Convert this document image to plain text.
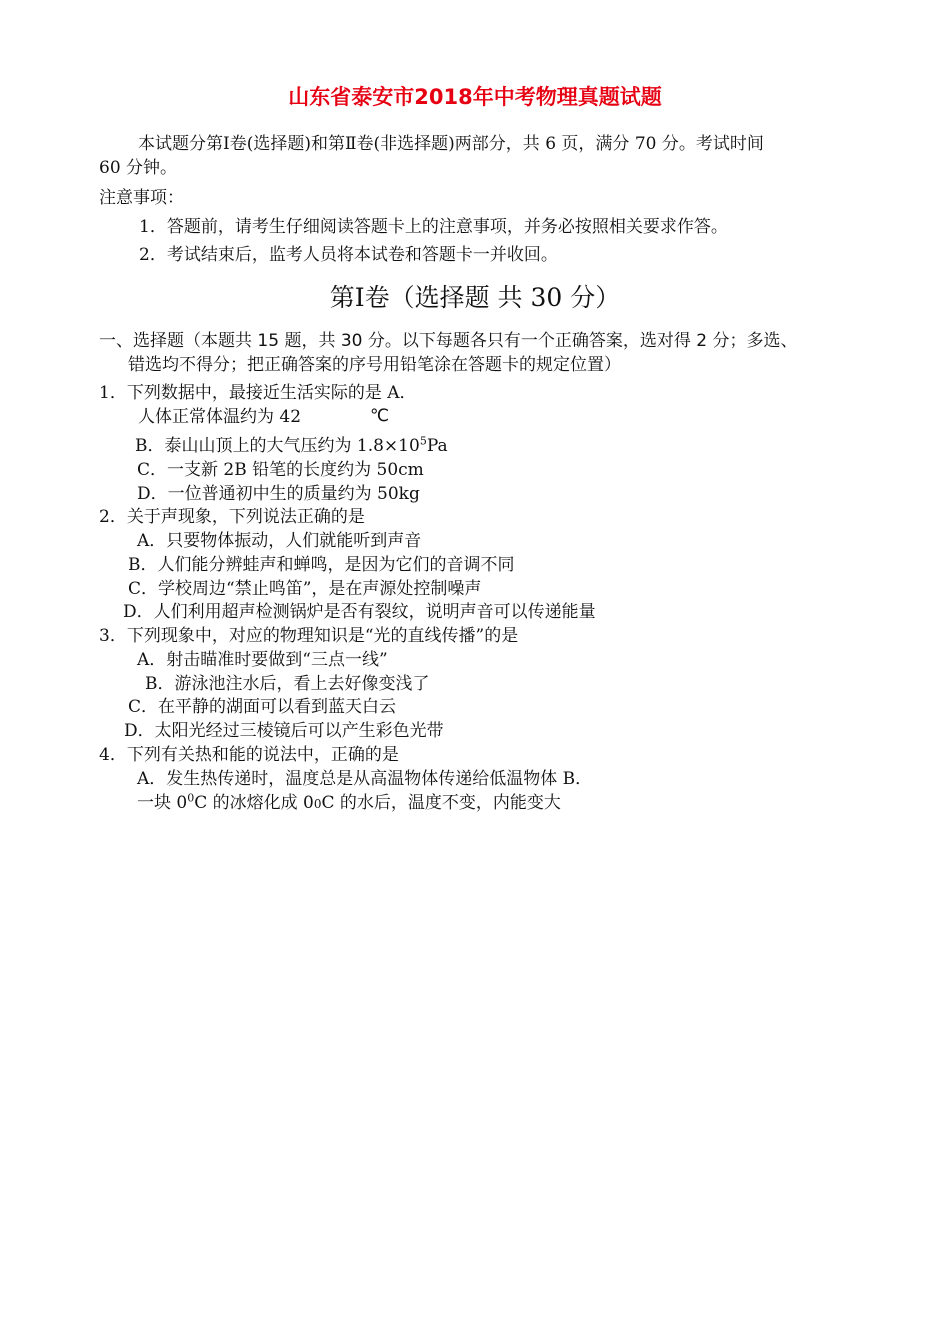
山东省泰安市2018年中考物理真题试题
本试题分第Ⅰ卷(选择题)和第Ⅱ卷(非选择题)两部分，共 6 页，满分 70 分。考试时间
60 分钟。
注意事项：
1．答题前，请考生仔细阅读答题卡上的注意事项，并务必按照相关要求作答。
2．考试结束后，监考人员将本试卷和答题卡一并收回。
第Ⅰ卷（选择题 共 30 分）
一、选择题（本题共 15 题，共 30 分。以下每题各只有一个正确答案，选对得 2 分；多选、
错选均不得分；把正确答案的序号用铅笔涂在答题卡的规定位置）
1．下列数据中，最接近生活实际的是 A．
人体正常体温约为 42	℃
B．泰山山顶上的大气压约为 $1.8\times 10^5Pa$
C．一支新 2B 铅笔的长度约为 50cm
D．一位普通初中生的质量约为 50kg
2．关于声现象，下列说法正确的是
A．只要物体振动，人们就能听到声音
B．人们能分辨蛙声和蝉鸣，是因为它们的音调不同
C．学校周边“禁止鸣笛”，是在声源处控制噪声
D．人们利用超声检测锅炉是否有裂纹，说明声音可以传递能量
3．下列现象中，对应的物理知识是“光的直线传播”的是
A．射击瞄准时要做到“三点一线”
B．游泳池注水后，看上去好像变浅了
C．在平静的湖面可以看到蓝天白云
D．太阳光经过三棱镜后可以产生彩色光带
4．下列有关热和能的说法中，正确的是
A．发生热传递时，温度总是从高温物体传递给低温物体 B．
一块 $0^0C$ 的冰熔化成 00C 的水后，温度不变，内能变大
